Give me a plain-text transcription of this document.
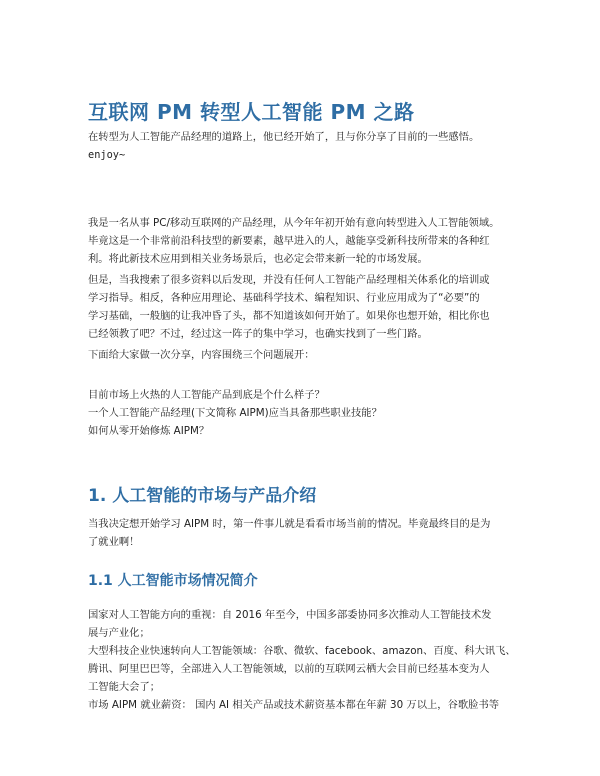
互联网 PM 转型人工智能 PM 之路
在转型为人工智能产品经理的道路上，他已经开始了，且与你分享了目前的一些感悟。
enjoy~
我是一名从事 PC/移动互联网的产品经理，从今年年初开始有意向转型进入人工智能领域。
毕竟这是一个非常前沿科技型的新要素，越早进入的人，越能享受新科技所带来的各种红
利。将此新技术应用到相关业务场景后，也必定会带来新一轮的市场发展。
但是，当我搜索了很多资料以后发现，并没有任何人工智能产品经理相关体系化的培训或
学习指导。相反，各种应用理论、基础科学技术、编程知识、行业应用成为了“必要”的
学习基础，一般脑的让我冲昏了头，都不知道该如何开始了。如果你也想开始，相比你也
已经领教了吧？不过，经过这一阵子的集中学习，也确实找到了一些门路。
下面给大家做一次分享，内容围绕三个问题展开：
目前市场上火热的人工智能产品到底是个什么样子？
一个人工智能产品经理(下文简称 AIPM)应当具备那些职业技能？
如何从零开始修炼 AIPM？
1. 人工智能的市场与产品介绍
当我决定想开始学习 AIPM 时，第一件事儿就是看看市场当前的情况。毕竟最终目的是为
了就业啊！
1.1 人工智能市场情况简介
国家对人工智能方向的重视：自 2016 年至今，中国多部委协同多次推动人工智能技术发
展与产业化；
大型科技企业快速转向人工智能领域：谷歌、微软、facebook、amazon、百度、科大讯飞、
腾讯、阿里巴巴等，全部进入人工智能领域，以前的互联网云栖大会目前已经基本变为人
工智能大会了；
市场 AIPM 就业薪资： 国内 AI 相关产品或技术薪资基本都在年薪 30 万以上，谷歌脸书等
